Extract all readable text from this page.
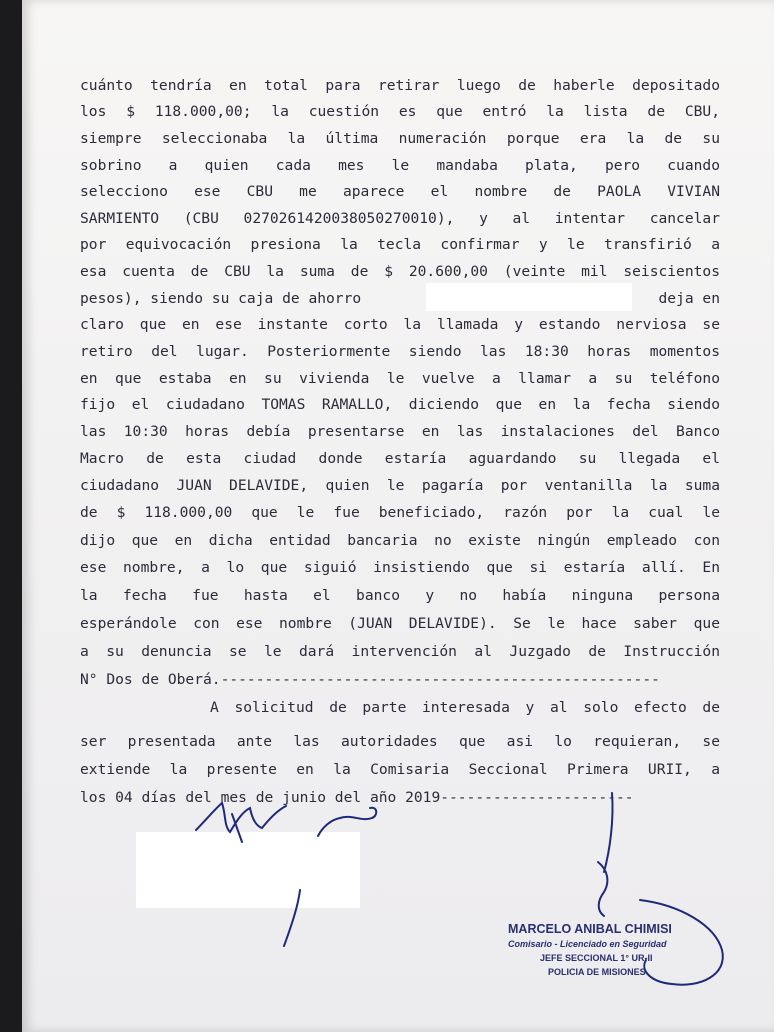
cuánto tendría en total para retirar luego de haberle depositado

los $ 118.000,00; la cuestión es que entró la lista de CBU,

siempre seleccionaba la última numeración porque era la de su

sobrino a quien cada mes le mandaba plata, pero cuando

selecciono ese CBU me aparece el nombre de PAOLA VIVIAN

SARMIENTO (CBU 0270261420038050270010), y al intentar cancelar

por equivocación presiona la tecla confirmar y le transfirió a

esa cuenta de CBU la suma de $ 20.600,00 (veinte mil seiscientos

pesos), siendo su caja de ahorro	deja en

claro que en ese instante corto la llamada y estando nerviosa se

retiro del lugar. Posteriormente siendo las 18:30 horas momentos

en que estaba en su vivienda le vuelve a llamar a su teléfono

fijo el ciudadano TOMAS RAMALLO, diciendo que en la fecha siendo

las 10:30 horas debía presentarse en las instalaciones del Banco

Macro de esta ciudad donde estaría aguardando su llegada el

ciudadano JUAN DELAVIDE, quien le pagaría por ventanilla la suma

de $ 118.000,00 que le fue beneficiado, razón por la cual le

dijo que en dicha entidad bancaria no existe ningún empleado con

ese nombre, a lo que siguió insistiendo que si estaría allí. En

la fecha fue hasta el banco y no había ninguna persona

esperándole con ese nombre (JUAN DELAVIDE). Se le hace saber que

a su denuncia se le dará intervención al Juzgado de Instrucción

N° Dos de Oberá.--------------------------------------------------

A solicitud de parte interesada y al solo efecto de

ser presentada ante las autoridades que asi lo requieran, se

extiende la presente en la Comisaria Seccional Primera URII, a

los 04 días del mes de junio del año 2019----------------------

MARCELO ANIBAL CHIMISI
Comisario - Licenciado en Seguridad
JEFE SECCIONAL 1° UR-II
POLICIA DE MISIONES
